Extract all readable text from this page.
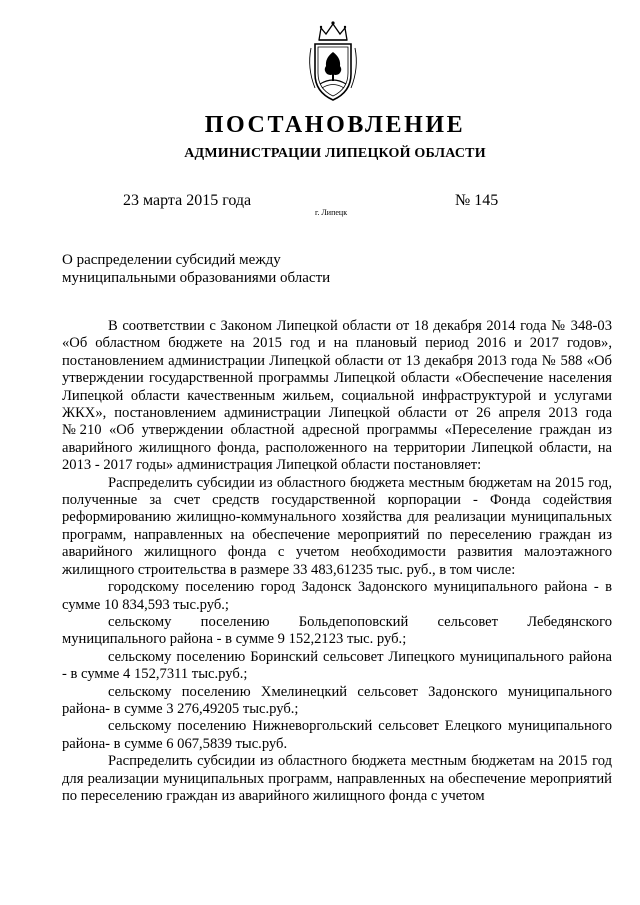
ПОСТАНОВЛЕНИЕ
АДМИНИСТРАЦИИ ЛИПЕЦКОЙ ОБЛАСТИ
23 марта 2015 года
г. Липецк
№ 145
О распределении субсидий между
муниципальными образованиями области

В соответствии с Законом Липецкой области от 18 декабря 2014 года № 348-03 «Об областном бюджете на 2015 год и на плановый период 2016 и 2017 годов», постановлением администрации Липецкой области от 13 декабря 2013 года № 588 «Об утверждении государственной программы Липецкой области «Обеспечение населения Липецкой области качественным жильем, социальной инфраструктурой и услугами ЖКХ», постановлением администрации Липецкой области от 26 апреля 2013 года №210 «Об утверждении областной адресной программы «Переселение граждан из аварийного жилищного фонда, расположенного на территории Липецкой области, на 2013 - 2017 годы» администрация Липецкой области постановляет:

Распределить субсидии из областного бюджета местным бюджетам на 2015 год, полученные за счет средств государственной корпорации - Фонда содействия реформированию жилищно-коммунального хозяйства для реализации муниципальных программ, направленных на обеспечение мероприятий по переселению граждан из аварийного жилищного фонда с учетом необходимости развития малоэтажного жилищного строительства в размере 33 483,61235 тыс. руб., в том числе:

городскому поселению город Задонск Задонского муниципального района - в сумме 10 834,593 тыс.руб.;

сельскому поселению Больдепоповский сельсовет Лебедянского муниципального района - в сумме 9 152,2123 тыс. руб.;

сельскому поселению Боринский сельсовет Липецкого муниципального района - в сумме 4 152,7311 тыс.руб.;

сельскому поселению Хмелинецкий сельсовет Задонского муниципального района- в сумме 3 276,49205 тыс.руб.;

сельскому поселению Нижневоргольский сельсовет Елецкого муниципального района- в сумме 6 067,5839 тыс.руб.

Распределить субсидии из областного бюджета местным бюджетам на 2015 год для реализации муниципальных программ, направленных на обеспечение мероприятий по переселению граждан из аварийного жилищного фонда с учетом
